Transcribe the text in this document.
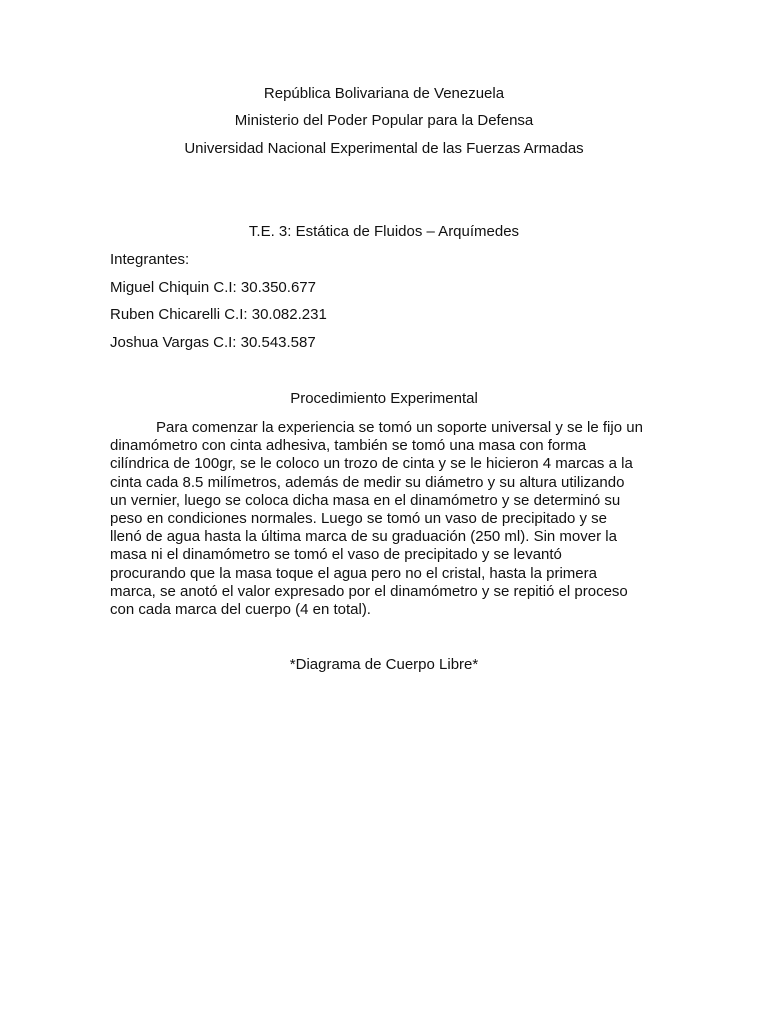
República Bolivariana de Venezuela
Ministerio del Poder Popular para la Defensa
Universidad Nacional Experimental de las Fuerzas Armadas
T.E. 3: Estática de Fluidos – Arquímedes
Integrantes:
Miguel Chiquin C.I: 30.350.677
Ruben Chicarelli C.I: 30.082.231
Joshua Vargas C.I: 30.543.587
Procedimiento Experimental
Para comenzar la experiencia se tomó un soporte universal y se le fijo un
dinamómetro con cinta adhesiva, también se tomó una masa con forma
cilíndrica de 100gr, se le coloco un trozo de cinta y se le hicieron 4 marcas a la
cinta cada 8.5 milímetros, además de medir su diámetro y su altura utilizando
un vernier, luego se coloca dicha masa en el dinamómetro y se determinó su
peso en condiciones normales. Luego se tomó un vaso de precipitado y se
llenó de agua hasta la última marca de su graduación (250 ml). Sin mover la
masa ni el dinamómetro se tomó el vaso de precipitado y se levantó
procurando que la masa toque el agua pero no el cristal, hasta la primera
marca, se anotó el valor expresado por el dinamómetro y se repitió el proceso
con cada marca del cuerpo (4 en total).
*Diagrama de Cuerpo Libre*
